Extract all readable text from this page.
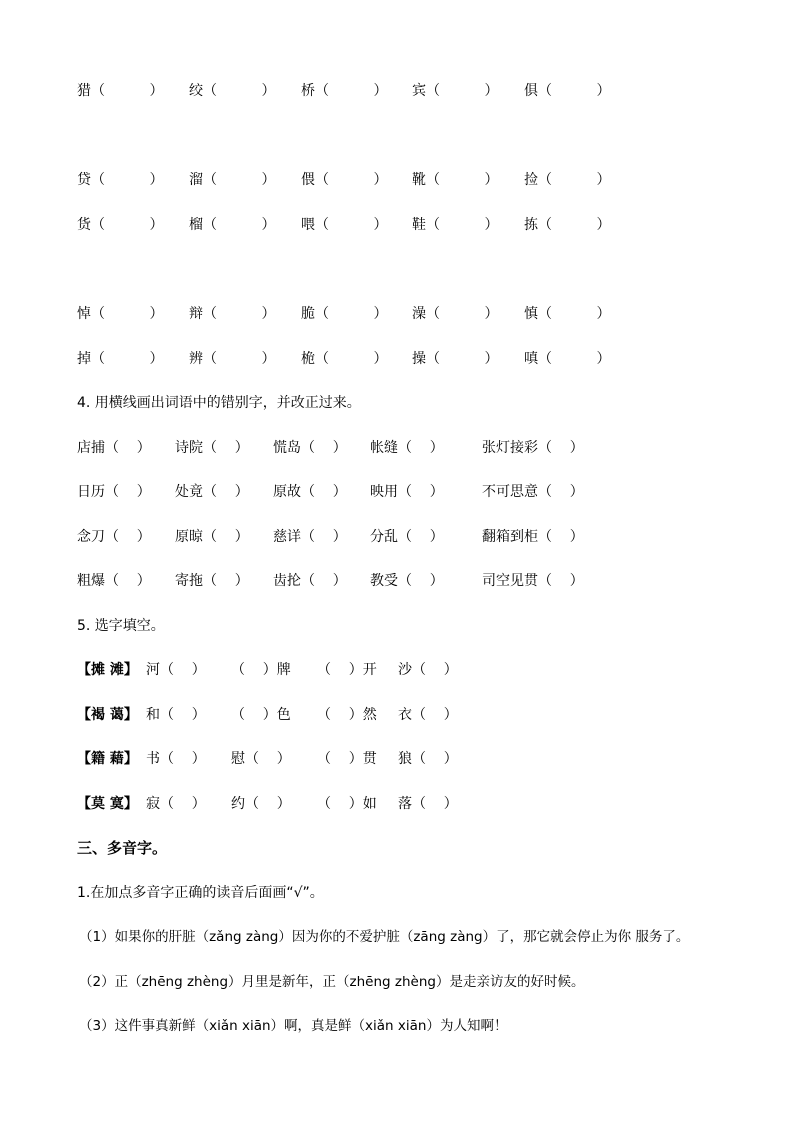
猎（          ） 绞（          ） 桥（          ） 宾（          ） 俱（          ）
贷（          ） 溜（          ） 偎（          ） 靴（          ） 捡（          ）
货（          ） 榴（          ） 喂（          ） 鞋（          ） 拣（          ）
悼（          ） 辩（          ） 脆（          ） 澡（          ） 慎（          ）
掉（          ） 辨（          ） 桅（          ） 操（          ） 嗔（          ）
4. 用横线画出词语中的错别字，并改正过来。
店捕（    ） 诗院（    ） 慌岛（    ） 帐缝（    ）	张灯接彩（    ）
日历（    ） 处竟（    ） 原故（    ） 映用（    ）	不可思意（    ）
念刀（    ） 原晾（    ） 慈详（    ） 分乱（    ）	翻箱到柜（    ）
粗爆（    ） 寄拖（    ） 齿抡（    ） 教受（    ）	司空见贯（    ）
5. 选字填空。
【摊 滩】 河（    ） （    ）牌 （    ）开 沙（    ）
【褐 蔼】 和（    ） （    ）色 （    ）然 衣（    ）
【籍 藉】 书（    ） 慰（    ） （    ）贯 狼（    ）
【莫 寞】 寂（    ） 约（    ） （    ）如 落（    ）
三、多音字。
1.在加点多音字正确的读音后面画“√”。
（1）如果你的肝脏（zǎng zàng）因为你的不爱护脏（zāng zàng）了，那它就会停止为你 服务了。
（2）正（zhēng zhèng）月里是新年，正（zhēng zhèng）是走亲访友的好时候。
（3）这件事真新鲜（xiǎn xiān）啊，真是鲜（xiǎn xiān）为人知啊！
